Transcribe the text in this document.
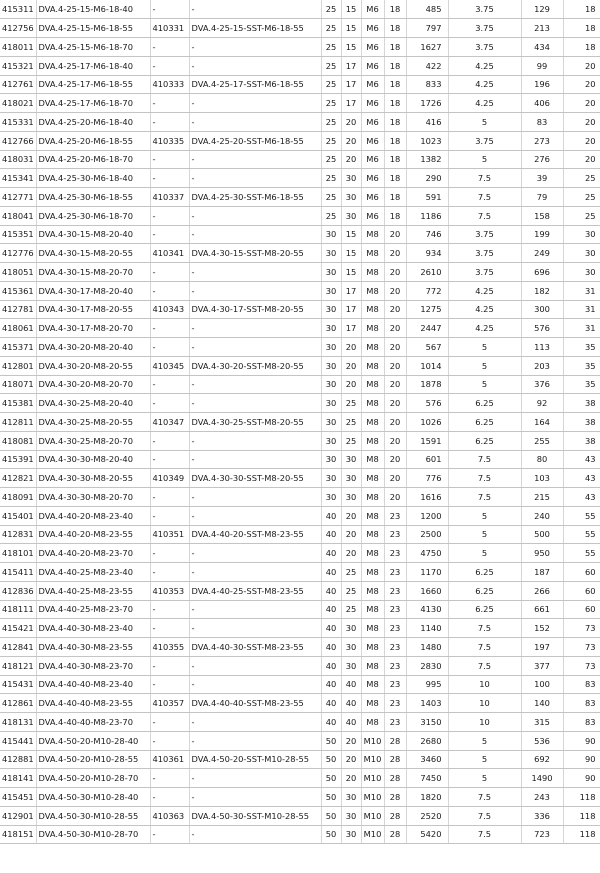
415311	DVA.4-25-15-M6-18-40	-	-	25	15	M6	18	485	3.75	129	18
412756	DVA.4-25-15-M6-18-55	410331	DVA.4-25-15-SST-M6-18-55	25	15	M6	18	797	3.75	213	18
418011	DVA.4-25-15-M6-18-70	-	-	25	15	M6	18	1627	3.75	434	18
415321	DVA.4-25-17-M6-18-40	-	-	25	17	M6	18	422	4.25	99	20
412761	DVA.4-25-17-M6-18-55	410333	DVA.4-25-17-SST-M6-18-55	25	17	M6	18	833	4.25	196	20
418021	DVA.4-25-17-M6-18-70	-	-	25	17	M6	18	1726	4.25	406	20
415331	DVA.4-25-20-M6-18-40	-	-	25	20	M6	18	416	5	83	20
412766	DVA.4-25-20-M6-18-55	410335	DVA.4-25-20-SST-M6-18-55	25	20	M6	18	1023	3.75	273	20
418031	DVA.4-25-20-M6-18-70	-	-	25	20	M6	18	1382	5	276	20
415341	DVA.4-25-30-M6-18-40	-	-	25	30	M6	18	290	7.5	39	25
412771	DVA.4-25-30-M6-18-55	410337	DVA.4-25-30-SST-M6-18-55	25	30	M6	18	591	7.5	79	25
418041	DVA.4-25-30-M6-18-70	-	-	25	30	M6	18	1186	7.5	158	25
415351	DVA.4-30-15-M8-20-40	-	-	30	15	M8	20	746	3.75	199	30
412776	DVA.4-30-15-M8-20-55	410341	DVA.4-30-15-SST-M8-20-55	30	15	M8	20	934	3.75	249	30
418051	DVA.4-30-15-M8-20-70	-	-	30	15	M8	20	2610	3.75	696	30
415361	DVA.4-30-17-M8-20-40	-	-	30	17	M8	20	772	4.25	182	31
412781	DVA.4-30-17-M8-20-55	410343	DVA.4-30-17-SST-M8-20-55	30	17	M8	20	1275	4.25	300	31
418061	DVA.4-30-17-M8-20-70	-	-	30	17	M8	20	2447	4.25	576	31
415371	DVA.4-30-20-M8-20-40	-	-	30	20	M8	20	567	5	113	35
412801	DVA.4-30-20-M8-20-55	410345	DVA.4-30-20-SST-M8-20-55	30	20	M8	20	1014	5	203	35
418071	DVA.4-30-20-M8-20-70	-	-	30	20	M8	20	1878	5	376	35
415381	DVA.4-30-25-M8-20-40	-	-	30	25	M8	20	576	6.25	92	38
412811	DVA.4-30-25-M8-20-55	410347	DVA.4-30-25-SST-M8-20-55	30	25	M8	20	1026	6.25	164	38
418081	DVA.4-30-25-M8-20-70	-	-	30	25	M8	20	1591	6.25	255	38
415391	DVA.4-30-30-M8-20-40	-	-	30	30	M8	20	601	7.5	80	43
412821	DVA.4-30-30-M8-20-55	410349	DVA.4-30-30-SST-M8-20-55	30	30	M8	20	776	7.5	103	43
418091	DVA.4-30-30-M8-20-70	-	-	30	30	M8	20	1616	7.5	215	43
415401	DVA.4-40-20-M8-23-40	-	-	40	20	M8	23	1200	5	240	55
412831	DVA.4-40-20-M8-23-55	410351	DVA.4-40-20-SST-M8-23-55	40	20	M8	23	2500	5	500	55
418101	DVA.4-40-20-M8-23-70	-	-	40	20	M8	23	4750	5	950	55
415411	DVA.4-40-25-M8-23-40	-	-	40	25	M8	23	1170	6.25	187	60
412836	DVA.4-40-25-M8-23-55	410353	DVA.4-40-25-SST-M8-23-55	40	25	M8	23	1660	6.25	266	60
418111	DVA.4-40-25-M8-23-70	-	-	40	25	M8	23	4130	6.25	661	60
415421	DVA.4-40-30-M8-23-40	-	-	40	30	M8	23	1140	7.5	152	73
412841	DVA.4-40-30-M8-23-55	410355	DVA.4-40-30-SST-M8-23-55	40	30	M8	23	1480	7.5	197	73
418121	DVA.4-40-30-M8-23-70	-	-	40	30	M8	23	2830	7.5	377	73
415431	DVA.4-40-40-M8-23-40	-	-	40	40	M8	23	995	10	100	83
412861	DVA.4-40-40-M8-23-55	410357	DVA.4-40-40-SST-M8-23-55	40	40	M8	23	1403	10	140	83
418131	DVA.4-40-40-M8-23-70	-	-	40	40	M8	23	3150	10	315	83
415441	DVA.4-50-20-M10-28-40	-	-	50	20	M10	28	2680	5	536	90
412881	DVA.4-50-20-M10-28-55	410361	DVA.4-50-20-SST-M10-28-55	50	20	M10	28	3460	5	692	90
418141	DVA.4-50-20-M10-28-70	-	-	50	20	M10	28	7450	5	1490	90
415451	DVA.4-50-30-M10-28-40	-	-	50	30	M10	28	1820	7.5	243	118
412901	DVA.4-50-30-M10-28-55	410363	DVA.4-50-30-SST-M10-28-55	50	30	M10	28	2520	7.5	336	118
418151	DVA.4-50-30-M10-28-70	-	-	50	30	M10	28	5420	7.5	723	118
